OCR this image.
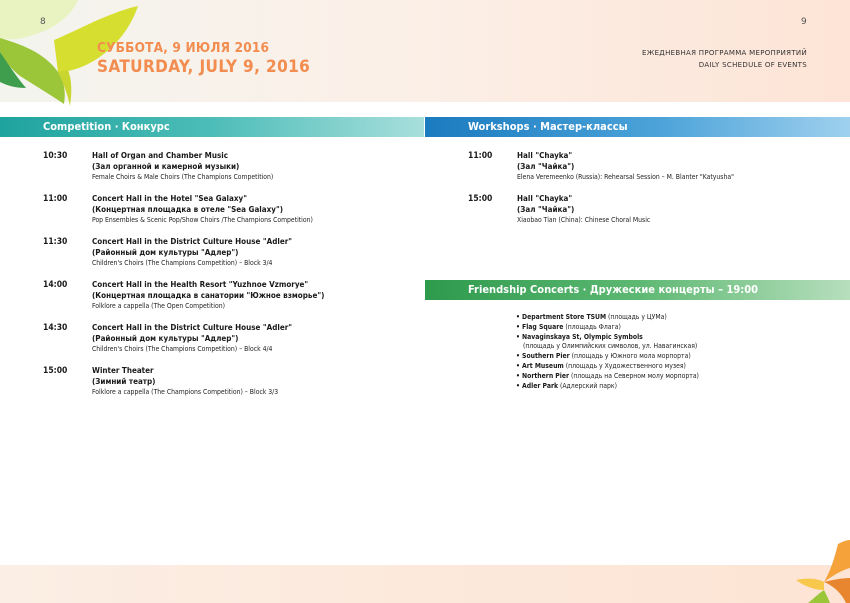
8	9
СУББОТА, 9 ИЮЛЯ 2016
SATURDAY, JULY 9, 2016
ЕЖЕДНЕВНАЯ ПРОГРАММА МЕРОПРИЯТИЙ
DAILY SCHEDULE OF EVENTS
Competition · Конкурс
10:30	Hall of Organ and Chamber Music
(Зал органной и камерной музыки)
Female Choirs & Male Choirs (The Champions Competition)
11:00	Concert Hall in the Hotel "Sea Galaxy"
(Концертная площадка в отеле "Sea Galaxy")
Pop Ensembles & Scenic Pop/Show Choirs /The Champions Competition)
11:30	Concert Hall in the District Culture House "Adler"
(Районный дом культуры "Адлер")
Children's Choirs (The Champions Competition) – Block 3/4
14:00	Concert Hall in the Health Resort "Yuzhnoe Vzmorye"
(Концертная площадка в санатории "Южное взморье")
Folklore a cappella (The Open Competition)
14:30	Concert Hall in the District Culture House "Adler"
(Районный дом культуры "Адлер")
Children's Choirs (The Champions Competition) – Block 4/4
15:00	Winter Theater
(Зимний театр)
Folklore a cappella (The Champions Competition) – Block 3/3
Workshops · Мастер-классы
11:00	Hall "Chayka"
(Зал "Чайка")
Elena Veremeenko (Russia): Rehearsal Session – M. Blanter "Katyusha"
15:00	Hall "Chayka"
(Зал "Чайка")
Xiaobao Tian (China): Chinese Choral Music
Friendship Concerts · Дружеские концерты – 19:00
• Department Store TSUM (площадь у ЦУМа)
• Flag Square (площадь Флага)
• Navaginskaya St, Olympic Symbols
(площадь у Олимпийских символов, ул. Навагинская)
• Southern Pier (площадь у Южного мола морпорта)
• Art Museum (площадь у Художественного музея)
• Northern Pier (площадь на Северном молу морпорта)
• Adler Park (Адлерский парк)
